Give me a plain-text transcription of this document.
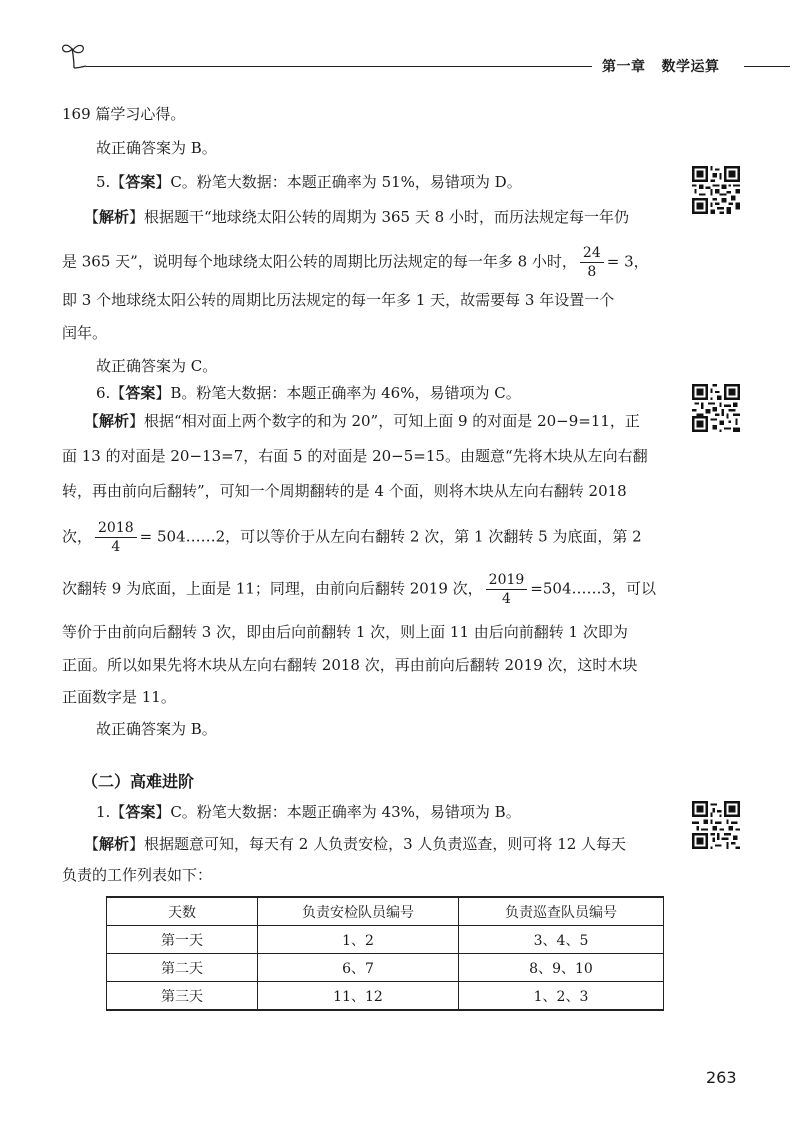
第一章 数学运算
169 篇学习心得。
故正确答案为 B。
5.【答案】C。粉笔大数据：本题正确率为 51%，易错项为 D。
【解析】根据题干“地球绕太阳公转的周期为 365 天 8 小时，而历法规定每一年仍
是 365 天”，说明每个地球绕太阳公转的周期比历法规定的每一年多 8 小时， $\frac{24}{8} = 3$，
即 3 个地球绕太阳公转的周期比历法规定的每一年多 1 天，故需要每 3 年设置一个
闰年。
故正确答案为 C。
6.【答案】B。粉笔大数据：本题正确率为 46%，易错项为 C。
【解析】根据“相对面上两个数字的和为 20”，可知上面 9 的对面是 20−9=11，正
面 13 的对面是 20−13=7，右面 5 的对面是 20−5=15。由题意“先将木块从左向右翻
转，再由前向后翻转”，可知一个周期翻转的是 4 个面，则将木块从左向右翻转 2018
次， $\frac{2018}{4}$ = 504……2，可以等价于从左向右翻转 2 次，第 1 次翻转 5 为底面，第 2
次翻转 9 为底面，上面是 11；同理，由前向后翻转 2019 次， $\frac{2019}{4}$ =504……3，可以
等价于由前向后翻转 3 次，即由后向前翻转 1 次，则上面 11 由后向前翻转 1 次即为
正面。所以如果先将木块从左向右翻转 2018 次，再由前向后翻转 2019 次，这时木块
正面数字是 11。
故正确答案为 B。
（二）高难进阶
1.【答案】C。粉笔大数据：本题正确率为 43%，易错项为 B。
【解析】根据题意可知，每天有 2 人负责安检，3 人负责巡查，则可将 12 人每天
负责的工作列表如下：
天数	负责安检队员编号	负责巡查队员编号
第一天	1、2	3、4、5
第二天	6、7	8、9、10
第三天	11、12	1、2、3
263
